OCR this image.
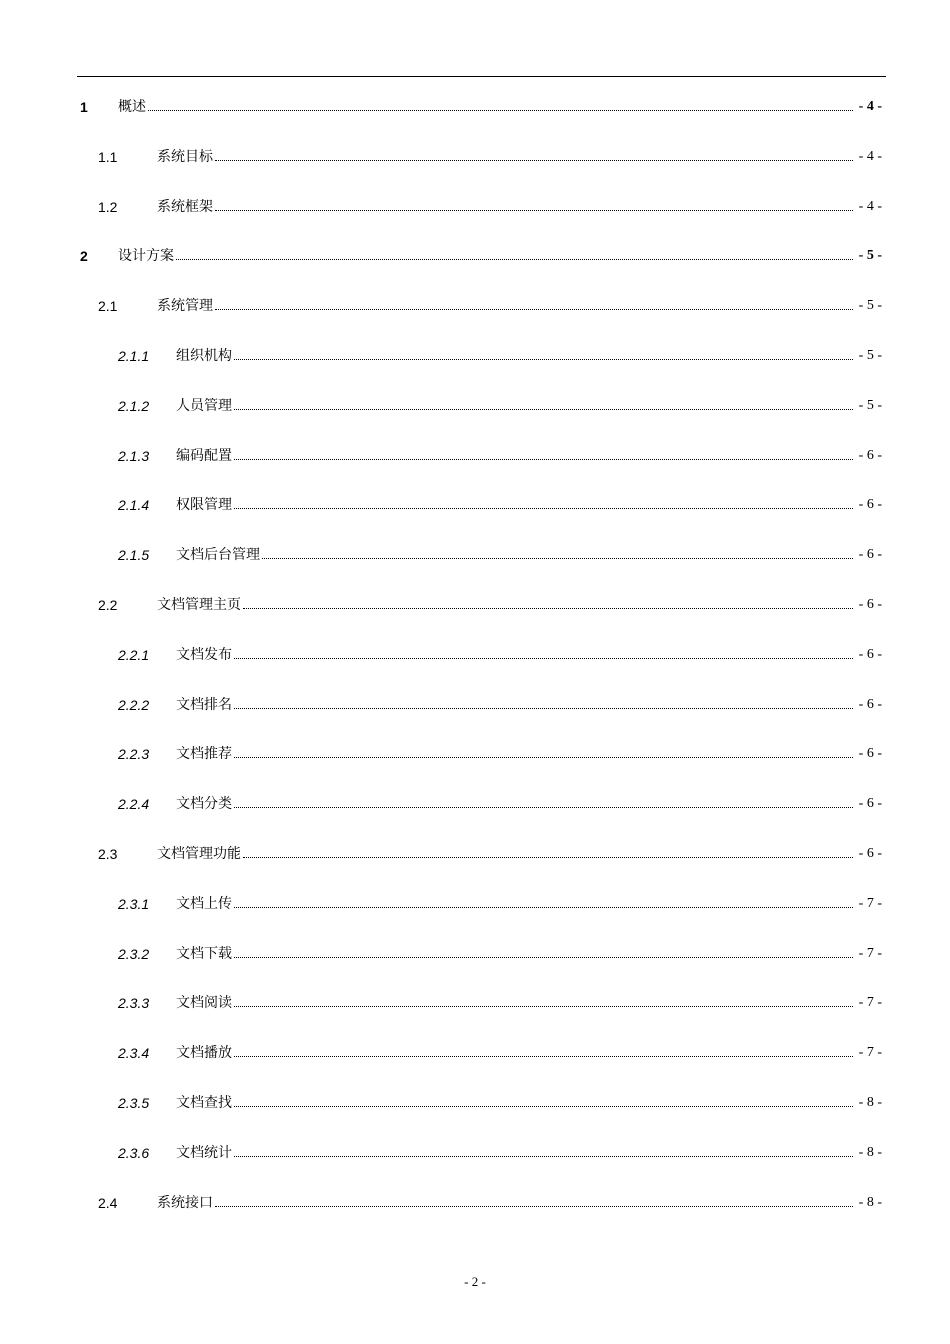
1 概述	- 4 -
1.1	系统目标	- 4 -
1.2	系统框架	- 4 -
2 设计方案	- 5 -
2.1	系统管理	- 5 -
2.1.1 组织机构	- 5 -
2.1.2 人员管理	- 5 -
2.1.3 编码配置	- 6 -
2.1.4 权限管理	- 6 -
2.1.5 文档后台管理	- 6 -
2.2	文档管理主页	- 6 -
2.2.1 文档发布	- 6 -
2.2.2 文档排名	- 6 -
2.2.3 文档推荐	- 6 -
2.2.4 文档分类	- 6 -
2.3	文档管理功能	- 6 -
2.3.1 文档上传	- 7 -
2.3.2 文档下载	- 7 -
2.3.3 文档阅读	- 7 -
2.3.4 文档播放	- 7 -
2.3.5 文档查找	- 8 -
2.3.6 文档统计	- 8 -
2.4	系统接口	- 8 -
- 2 -
